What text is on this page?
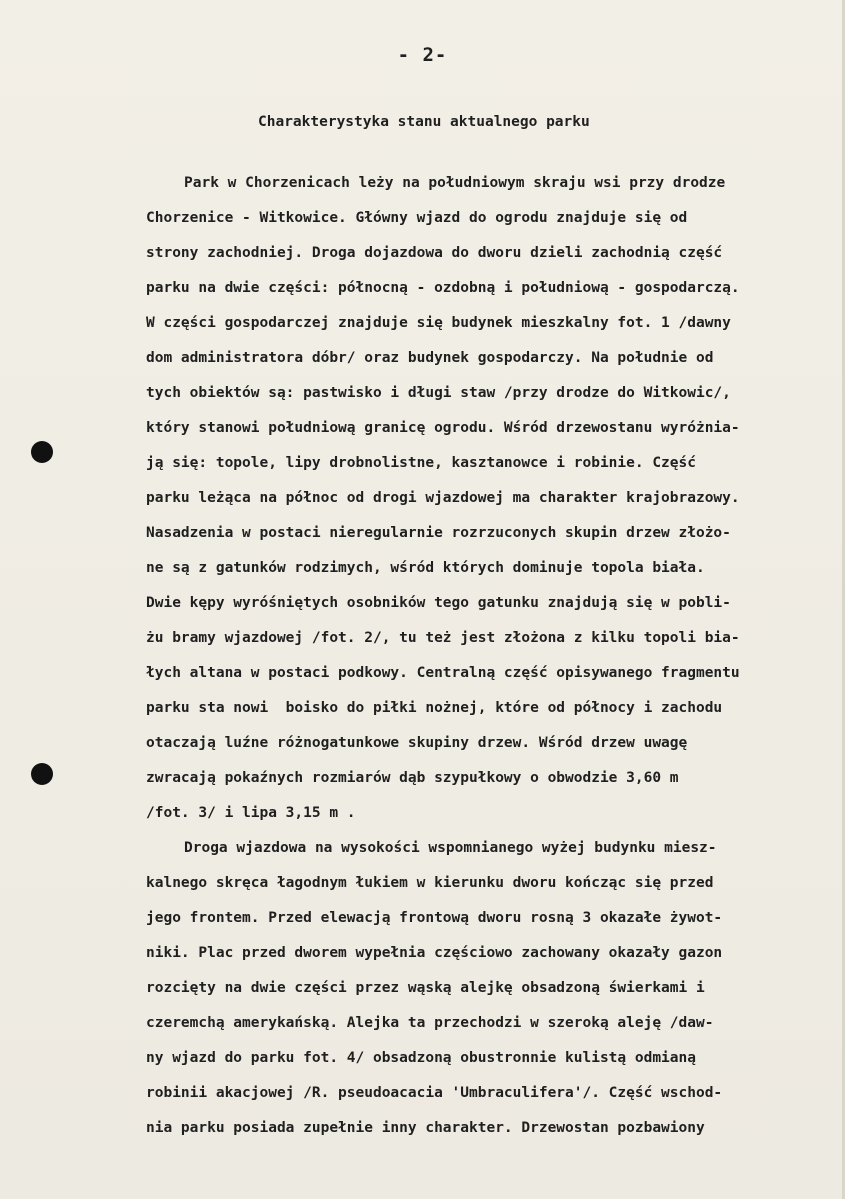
- 2-
Charakterystyka stanu aktualnego parku
Park w Chorzenicach leży na południowym skraju wsi przy drodze
Chorzenice - Witkowice. Główny wjazd do ogrodu znajduje się od
strony zachodniej. Droga dojazdowa do dworu dzieli zachodnią część
parku na dwie części: północną - ozdobną i południową - gospodarczą.
W części gospodarczej znajduje się budynek mieszkalny fot. 1 /dawny
dom administratora dóbr/ oraz budynek gospodarczy. Na południe od
tych obiektów są: pastwisko i długi staw /przy drodze do Witkowic/,
który stanowi południową granicę ogrodu. Wśród drzewostanu wyróżnia-
ją się: topole, lipy drobnolistne, kasztanowce i robinie. Część
parku leżąca na północ od drogi wjazdowej ma charakter krajobrazowy.
Nasadzenia w postaci nieregularnie rozrzuconych skupin drzew złożo-
ne są z gatunków rodzimych, wśród których dominuje topola biała.
Dwie kępy wyróśniętych osobników tego gatunku znajdują się w pobli-
żu bramy wjazdowej /fot. 2/, tu też jest złożona z kilku topoli bia-
łych altana w postaci podkowy. Centralną część opisywanego fragmentu
parku sta nowi  boisko do piłki nożnej, które od północy i zachodu
otaczają luźne różnogatunkowe skupiny drzew. Wśród drzew uwagę
zwracają pokaźnych rozmiarów dąb szypułkowy o obwodzie 3,60 m
/fot. 3/ i lipa 3,15 m .
Droga wjazdowa na wysokości wspomnianego wyżej budynku miesz-
kalnego skręca łagodnym łukiem w kierunku dworu kończąc się przed
jego frontem. Przed elewacją frontową dworu rosną 3 okazałe żywot-
niki. Plac przed dworem wypełnia częściowo zachowany okazały gazon
rozcięty na dwie części przez wąską alejkę obsadzoną świerkami i
czeremchą amerykańską. Alejka ta przechodzi w szeroką aleję /daw-
ny wjazd do parku fot. 4/ obsadzoną obustronnie kulistą odmianą
robinii akacjowej /R. pseudoacacia 'Umbraculifera'/. Część wschod-
nia parku posiada zupełnie inny charakter. Drzewostan pozbawiony
